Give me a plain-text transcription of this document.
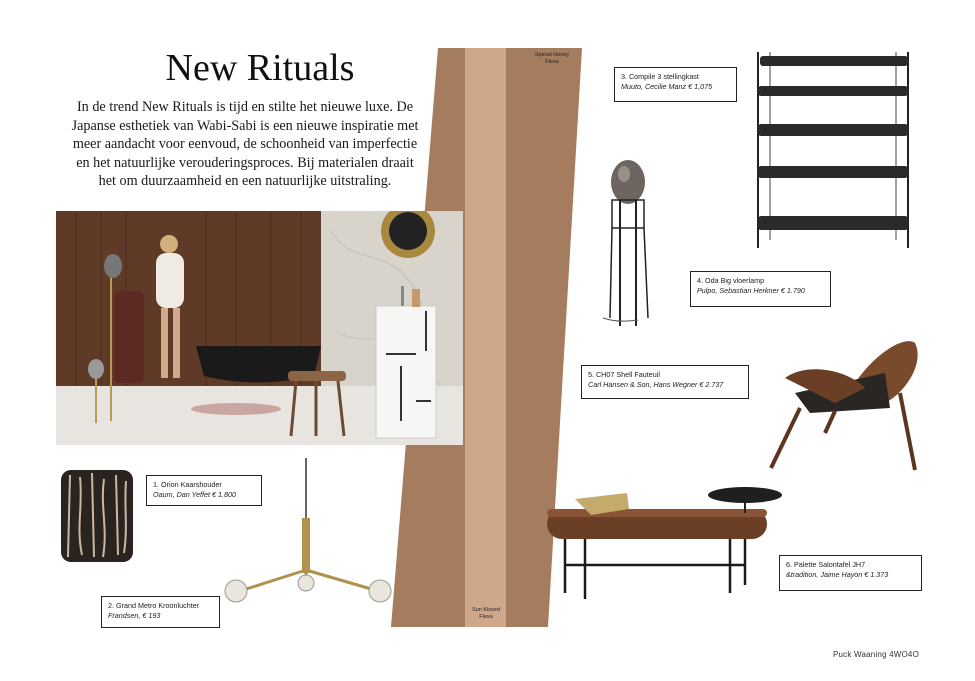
Spiced Honey
Flexa
Sun Kissed
Flexa
New Rituals
In de trend New Rituals is tijd en stilte het nieuwe luxe. De Japanse esthetiek van Wabi-Sabi is een nieuwe inspiratie met meer aandacht voor eenvoud, de schoonheid van imperfectie en het natuurlijke verouderingsproces. Bij materialen draait het om duurzaamheid en een natuurlijke uitstraling.
1. Orion Kaarshouder
Oaum, Dan Yeffet € 1.800
2. Grand Metro Kroonluchter
Frandsen, € 193
3. Compile 3 stellingkast
Muuto, Cecilie Manz € 1,075
4. Oda Big vloerlamp
Pulpo, Sebastian Herkner € 1.790
5. CH07 Shell Fauteuil
Carl Hansen & Son, Hans Wegner € 2.737
6. Palette Salontafel JH7
&tradition, Jaime Hayon € 1.373
Puck Waaning 4WO4O
